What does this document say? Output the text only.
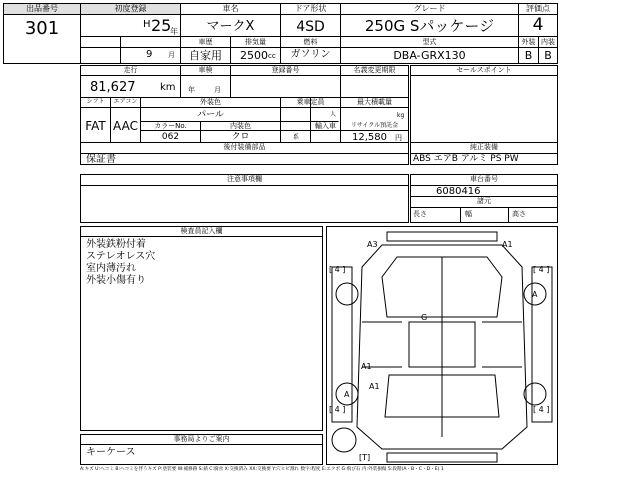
出品番号
301
初度登録
H 25
年
9 月
車名
マークX
車歴
自家用
排気量
2500 cc
ドア形状
4SD
燃料
ガソリン
グレード
250G Sパッケージ
型式
DBA-GRX130
評価点
4
外装 内装
B	B
走行
81,627 km
車検
年	月
登録番号	名義変更期限
シフト	エアコン
FAT AAC
外装色
パール
カラーNo.
062
内装色
クロ	系
乗車定員
人
最大積載量
kg
輸入車	リサイクル預託金
12,580 円
後付装備部品
保証書
セールスポイント
純正装備
ABS エアB アルミ PS PW
車台番号
6080416
諸元
長さ	幅	高さ
注意事項欄
検査員記入欄
外装鉄粉付着
ステレオレス穴
室内薄汚れ
外装小傷有り
事務局よりご案内
キーケース
A3	A1
G
A1
A1
A
A
[ 4 ]	[ 4 ]
[ 4 ]	[ 4 ]
[T]
A:キズ U:ヘコミ B:ヘコミを伴うキズ P:塗装要 W:補修跡 S:錆 C:腐食 X:交換済み XX:交換要 Y:穴ヒビ割れ 数字:程度 E:エクボ G:飛び石 内:外装損傷 5:段階(A・B・C・D・E) 1
